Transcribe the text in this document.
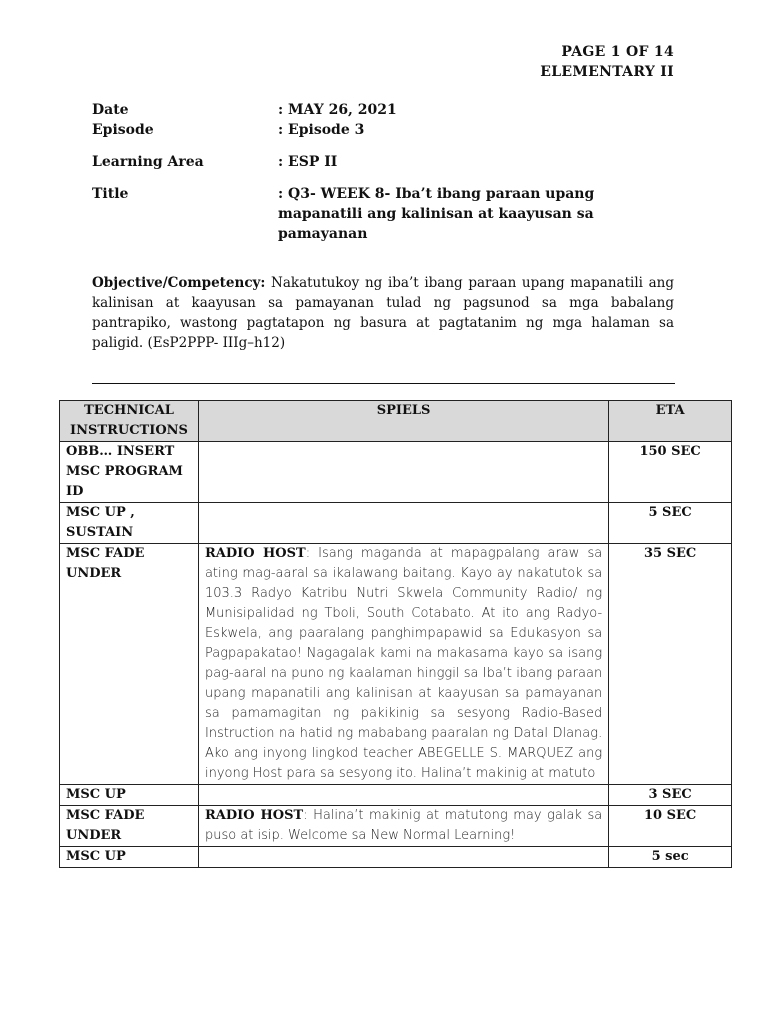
PAGE 1 OF 14
ELEMENTARY II
Date	: MAY 26, 2021
Episode	: Episode 3
Learning Area	: ESP II
Title	: Q3- WEEK 8- Iba’t ibang paraan upang mapanatili ang kalinisan at kaayusan sa pamayanan
Objective/Competency: Nakatutukoy ng iba’t ibang paraan upang mapanatili ang kalinisan at kaayusan sa pamayanan tulad ng pagsunod sa mga babalang pantrapiko, wastong pagtatapon ng basura at pagtatanim ng mga halaman sa paligid. (EsP2PPP- IIIg–h12)
TECHNICAL INSTRUCTIONS	SPIELS	ETA
OBB… INSERT MSC PROGRAM ID		150 SEC
MSC UP , SUSTAIN		5 SEC
MSC FADE UNDER	RADIO HOST: Isang maganda at mapagpalang araw sa ating mag-aaral sa ikalawang baitang. Kayo ay nakatutok sa 103.3 Radyo Katribu Nutri Skwela Community Radio/ ng Munisipalidad ng Tboli, South Cotabato. At ito ang Radyo- Eskwela, ang paaralang panghimpapawid sa Edukasyon sa Pagpapakatao! Nagagalak kami na makasama kayo sa isang pag-aaral na puno ng kaalaman hinggil sa Iba’t ibang paraan upang mapanatili ang kalinisan at kaayusan sa pamayanan sa pamamagitan ng pakikinig sa sesyong Radio-Based Instruction na hatid ng mababang paaralan ng Datal Dlanag. Ako ang inyong lingkod teacher ABEGELLE S. MARQUEZ ang inyong Host para sa sesyong ito. Halina’t makinig at matuto	35 SEC
MSC UP		3 SEC
MSC FADE UNDER	RADIO HOST: Halina’t makinig at matutong may galak sa puso at isip. Welcome sa New Normal Learning!	10 SEC
MSC UP		5 sec
